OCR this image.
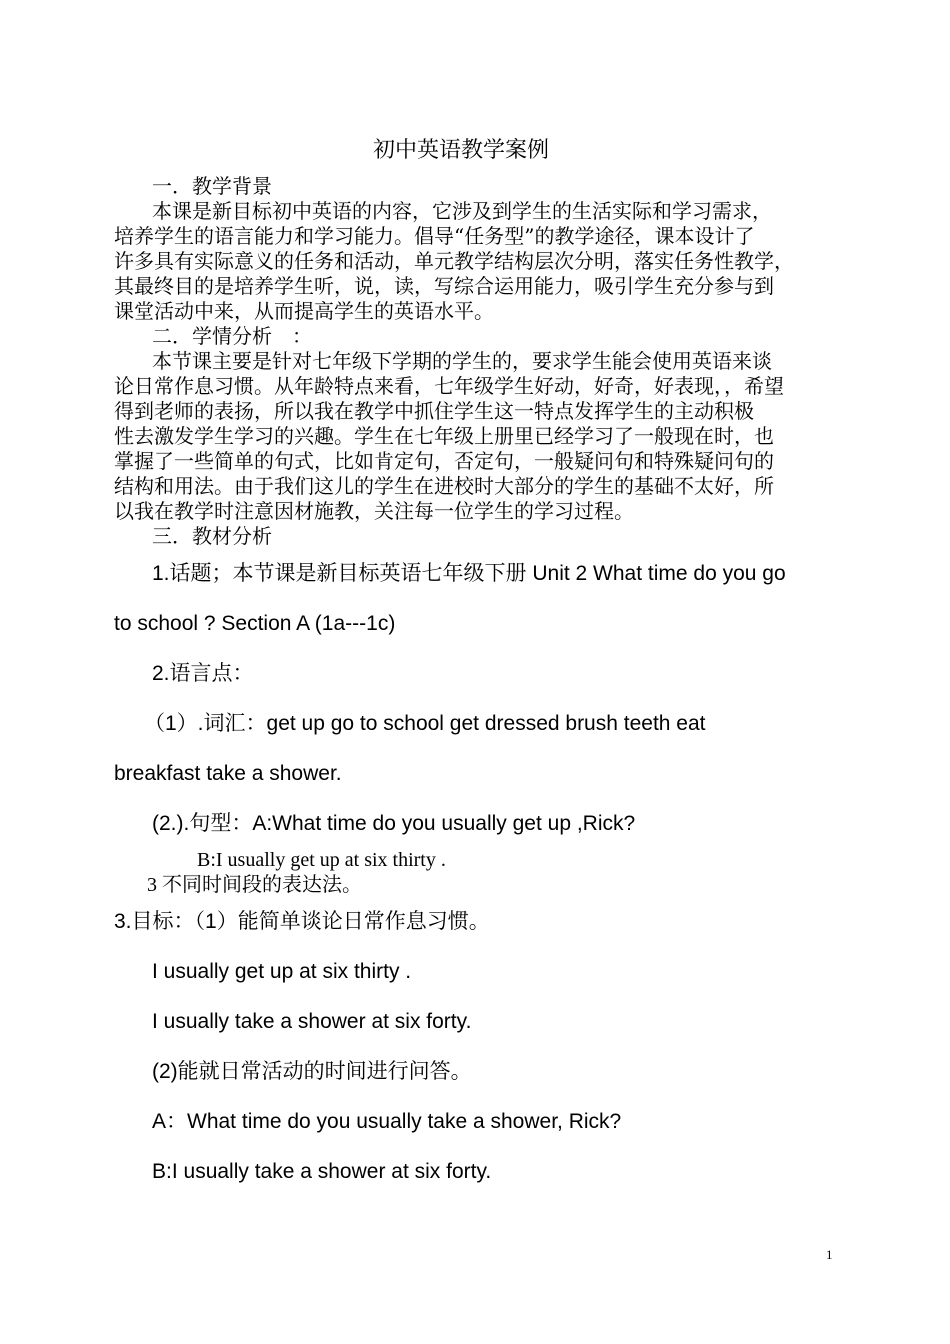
初中英语教学案例
一．教学背景
本课是新目标初中英语的内容，它涉及到学生的生活实际和学习需求，
培养学生的语言能力和学习能力。倡导“任务型”的教学途径，课本设计了
许多具有实际意义的任务和活动，单元教学结构层次分明，落实任务性教学，
其最终目的是培养学生听，说，读，写综合运用能力，吸引学生充分参与到
课堂活动中来，从而提高学生的英语水平。
二．学情分析　：
本节课主要是针对七年级下学期的学生的，要求学生能会使用英语来谈
论日常作息习惯。从年龄特点来看，七年级学生好动，好奇，好表现，，希望
得到老师的表扬，所以我在教学中抓住学生这一特点发挥学生的主动积极
性去激发学生学习的兴趣。学生在七年级上册里已经学习了一般现在时，也
掌握了一些简单的句式，比如肯定句，否定句，一般疑问句和特殊疑问句的
结构和用法。由于我们这儿的学生在进校时大部分的学生的基础不太好，所
以我在教学时注意因材施教，关注每一位学生的学习过程。
三．教材分析
1.话题；本节课是新目标英语七年级下册 Unit 2 What time do you go
to school ? Section A (1a---1c)
2.语言点：
（1）.词汇：get up go to school get dressed brush teeth eat
breakfast take a shower.
(2.).句型：A:What time do you usually get up ,Rick?
B:I usually get up at six thirty .
3 不同时间段的表达法。
3.目标：（1）能简单谈论日常作息习惯。
I usually get up at six thirty .
I usually take a shower at six forty.
(2)能就日常活动的时间进行问答。
A：What time do you usually take a shower, Rick?
B:I usually take a shower at six forty.
1
